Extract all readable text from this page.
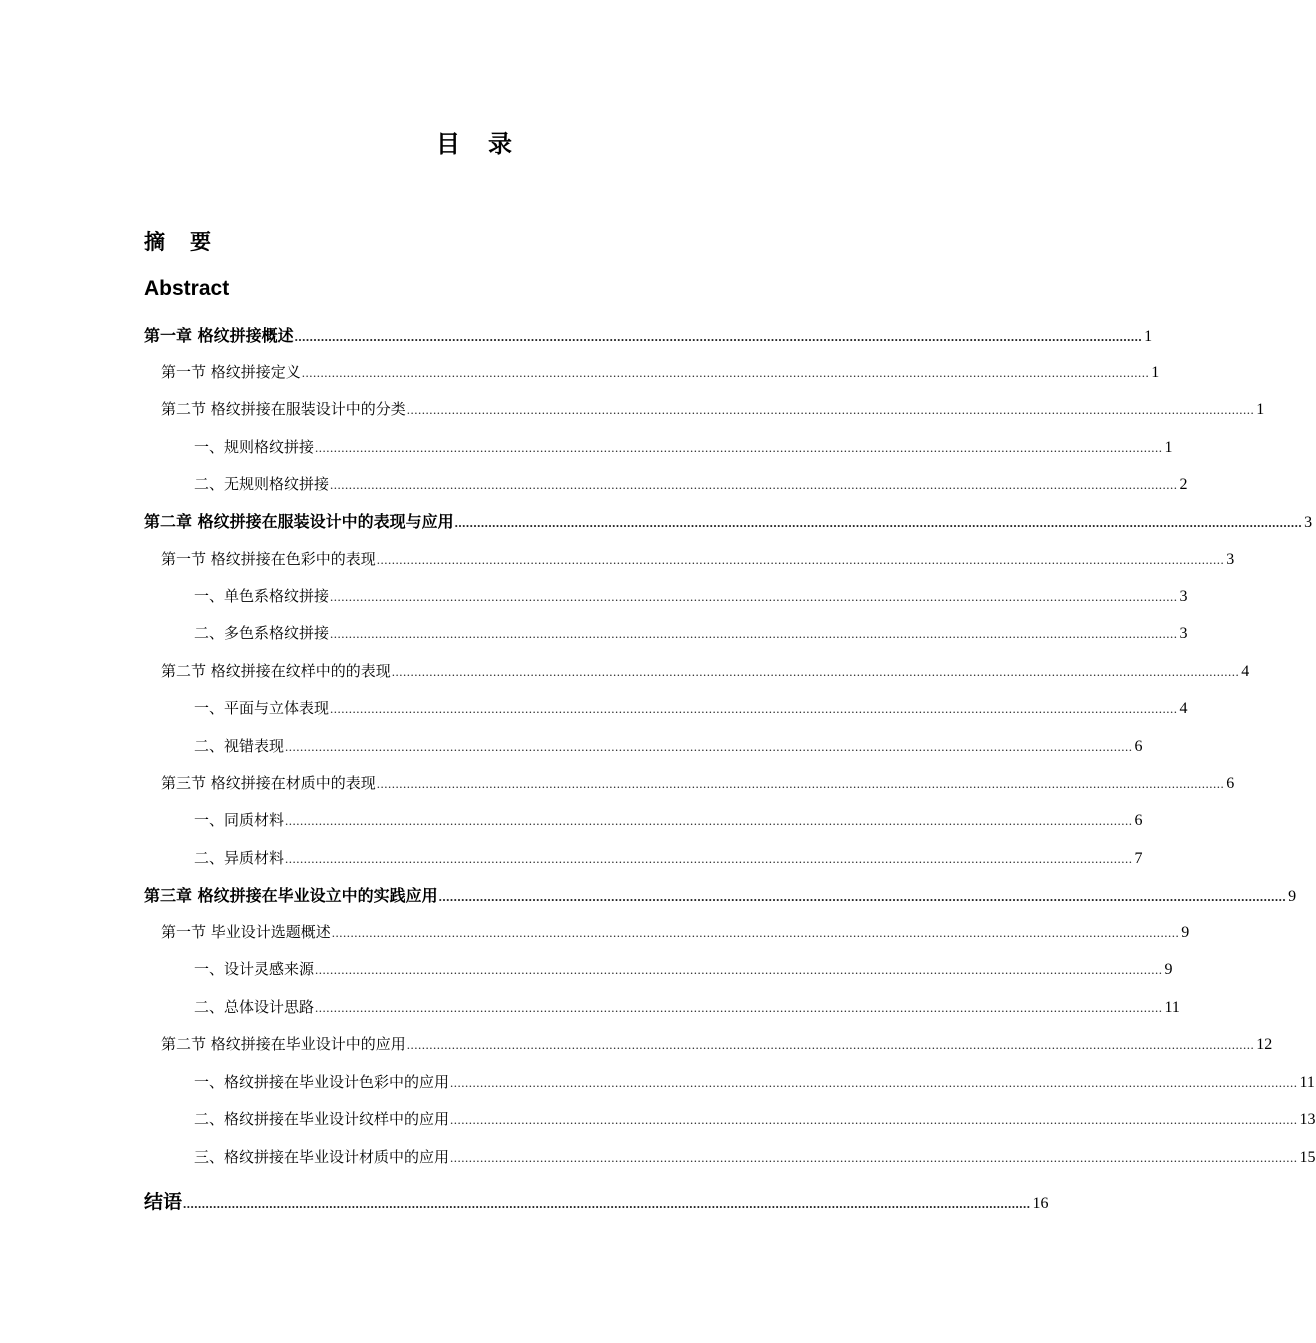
目　录
摘　要
Abstract
第一章 格纹拼接概述 .................................................................................................................................................................................................................................. 1
第一节 格纹拼接定义 .................................................................................................................................................................................................................................. 1
第二节 格纹拼接在服装设计中的分类 .................................................................................................................................................................................................................................. 1
一、规则格纹拼接 .................................................................................................................................................................................................................................. 1
二、无规则格纹拼接 .................................................................................................................................................................................................................................. 2
第二章 格纹拼接在服装设计中的表现与应用 .................................................................................................................................................................................................................................. 3
第一节 格纹拼接在色彩中的表现 .................................................................................................................................................................................................................................. 3
一、单色系格纹拼接 .................................................................................................................................................................................................................................. 3
二、多色系格纹拼接 .................................................................................................................................................................................................................................. 3
第二节 格纹拼接在纹样中的的表现 .................................................................................................................................................................................................................................. 4
一、平面与立体表现 .................................................................................................................................................................................................................................. 4
二、视错表现 .................................................................................................................................................................................................................................. 6
第三节 格纹拼接在材质中的表现 .................................................................................................................................................................................................................................. 6
一、同质材料 .................................................................................................................................................................................................................................. 6
二、异质材料 .................................................................................................................................................................................................................................. 7
第三章 格纹拼接在毕业设立中的实践应用 .................................................................................................................................................................................................................................. 9
第一节 毕业设计选题概述 .................................................................................................................................................................................................................................. 9
一、设计灵感来源 .................................................................................................................................................................................................................................. 9
二、总体设计思路 .................................................................................................................................................................................................................................. 11
第二节 格纹拼接在毕业设计中的应用 .................................................................................................................................................................................................................................. 12
一、格纹拼接在毕业设计色彩中的应用 .................................................................................................................................................................................................................................. 11
二、格纹拼接在毕业设计纹样中的应用 .................................................................................................................................................................................................................................. 13
三、格纹拼接在毕业设计材质中的应用 .................................................................................................................................................................................................................................. 15
结语 .................................................................................................................................................................................................................................. 16
